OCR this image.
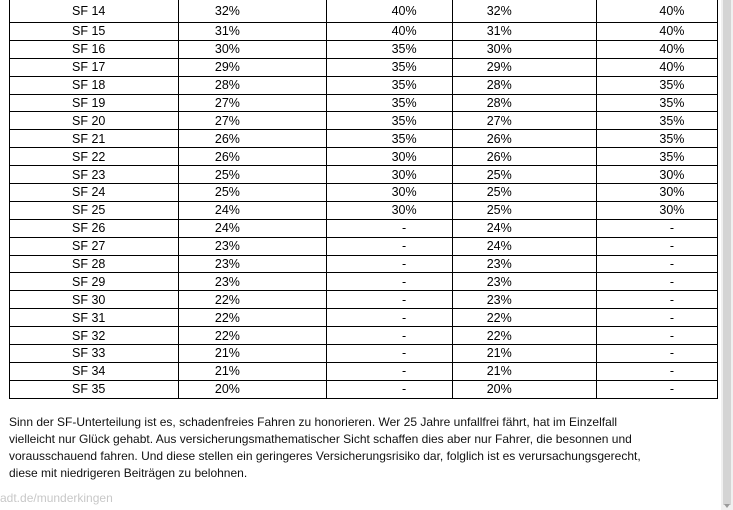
SF 14	32%	40%	32%	40%
SF 15	31%	40%	31%	40%
SF 16	30%	35%	30%	40%
SF 17	29%	35%	29%	40%
SF 18	28%	35%	28%	35%
SF 19	27%	35%	28%	35%
SF 20	27%	35%	27%	35%
SF 21	26%	35%	26%	35%
SF 22	26%	30%	26%	35%
SF 23	25%	30%	25%	30%
SF 24	25%	30%	25%	30%
SF 25	24%	30%	25%	30%
SF 26	24%	-	24%	-
SF 27	23%	-	24%	-
SF 28	23%	-	23%	-
SF 29	23%	-	23%	-
SF 30	22%	-	23%	-
SF 31	22%	-	22%	-
SF 32	22%	-	22%	-
SF 33	21%	-	21%	-
SF 34	21%	-	21%	-
SF 35	20%	-	20%	-
Sinn der SF-Unterteilung ist es, schadenfreies Fahren zu honorieren. Wer 25 Jahre unfallfrei fährt, hat im Einzelfall
vielleicht nur Glück gehabt. Aus versicherungsmathematischer Sicht schaffen dies aber nur Fahrer, die besonnen und
vorausschauend fahren. Und diese stellen ein geringeres Versicherungsrisiko dar, folglich ist es verursachungsgerecht,
diese mit niedrigeren Beiträgen zu belohnen.
adt.de/munderkingen
